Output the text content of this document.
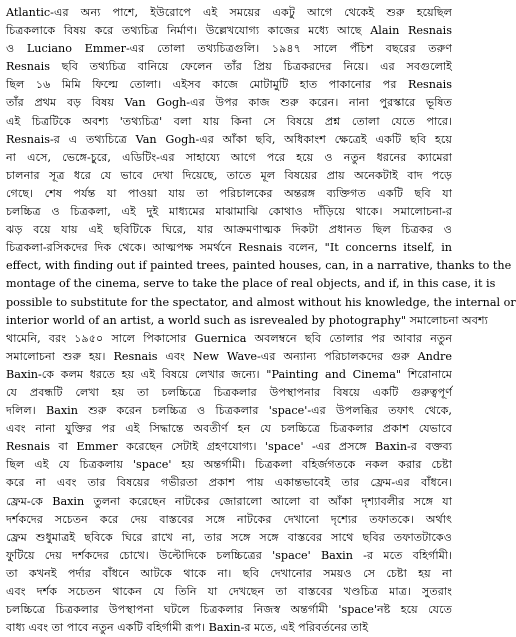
Atlantic-এর অন্য পাশে, ইউরোপে এই সময়ের একটু আগে থেকেই শুরু হয়েছিল
চিত্রকলাকে বিষয় করে তথ্যচিত্র নির্মাণ। উল্লেখযোগ্য কাজের মধ্যে আছে Alain Resnais
ও Luciano Emmer-এর তোলা তথ্যচিত্রগুলি। ১৯৪৭ সালে পঁচিশ বছরের তরুণ
Resnais ছবি তথ্যচিত্র বানিয়ে ফেলেন তাঁর প্রিয় চিত্রকরদের নিয়ে। এর সবগুলোই
ছিল ১৬ মিমি ফিল্মে তোলা। এইসব কাজে মোটামুটি হাত পাকানোর পর Resnais
তাঁর প্রথম বড় বিষয় Van Gogh-এর উপর কাজ শুরু করেন। নানা পুরস্কারে ভূষিত
এই চিত্রটিকে অবশ্য 'তথ্যচিত্র' বলা যায় কিনা সে বিষয়ে প্রশ্ন তোলা যেতে পারে।
Resnais-র এ তথ্যচিত্রে Van Gogh-এর আঁকা ছবি, অধিকাংশ ক্ষেত্রেই একটি ছবি হয়ে
না এসে, ভেঙ্গে-চুরে, এডিটিং-এর সাহায্যে আগে পরে হয়ে ও নতুন ধরনের ক্যামেরা
চালনার সূত্র ধরে যে ভাবে দেখা দিয়েছে, তাতে মূল বিষয়ের প্রায় অনেকটাই বাদ পড়ে
গেছে। শেষ পর্যন্ত যা পাওয়া যায় তা পরিচালকের অন্তরঙ্গ ব্যক্তিগত একটি ছবি যা
চলচ্চিত্র ও চিত্রকলা, এই দুই মাধ্যমের মাঝামাঝি কোথাও দাঁড়িয়ে থাকে। সমালোচনা-র
ঝড় বয়ে যায় এই ছবিটিকে ঘিরে, যার আক্রমণাত্মক দিকটা প্রধানত ছিল চিত্রকর ও
চিত্রকলা-রসিকদের দিক থেকে। আত্মপক্ষ সমর্থনে Resnais বলেন, "It concerns itself, in
effect, with finding out if painted trees, painted houses, can, in a narrative, thanks to the
montage of the cinema, serve to take the place of real objects, and if, in this case, it is
possible to substitute for the spectator, and almost without his knowledge, the internal or
interior world of an artist, a world such as isrevealed by photography" সমালোচনা অবশ্য
থামেনি, বরং ১৯৫০ সালে পিকাসোর Guernica অবলম্বনে ছবি তোলার পর আবার নতুন
সমালোচনা শুরু হয়। Resnais এবং New Wave-এর অন্যান্য পরিচালকদের গুরু Andre
Baxin-কে কলম ধরতে হয় এই বিষয়ে লেখার জন্যে। "Painting and Cinema" শিরোনামে
যে প্রবন্ধটি লেখা হয় তা চলচ্চিত্রে চিত্রকলার উপস্থাপনার বিষয়ে একটি গুরুত্বপূর্ণ
দলিল। Baxin শুরু করেন চলচ্চিত্র ও চিত্রকলার 'space'-এর উপলব্ধির তফাৎ থেকে,
এবং নানা যুক্তির পর এই সিদ্ধান্তে অবতীর্ণ হন যে চলচ্চিত্রে চিত্রকলার প্রকাশ যেভাবে
Resnais বা Emmer করেছেন সেটাই গ্রহণযোগ্য। 'space' -এর প্রসঙ্গে Baxin-র বক্তব্য
ছিল এই যে চিত্রকলায় 'space' হয় অন্তর্গামী। চিত্রকলা বহির্জগতকে নকল করার চেষ্টা
করে না এবং তার বিষয়ের গভীরতা প্রকাশ পায় একান্তভাবেই তার ফ্রেম-এর বাঁধনে।
ফ্রেম-কে Baxin তুলনা করেছেন নাটকের জোরালো আলো বা আঁকা দৃশ্যাবলীর সঙ্গে যা
দর্শকদের সচেতন করে দেয় বাস্তবের সঙ্গে নাটকের দেখানো দৃশ্যের তফাতকে। অর্থাৎ
ফ্রেম শুধুমাত্রই ছবিকে ঘিরে রাখে না, তার সঙ্গে সঙ্গে বাস্তবের সাথে ছবির তফাতটাকেও
ফুটিয়ে দেয় দর্শকদের চোখে। উল্টোদিকে চলচ্চিত্রের 'space' Baxin -র মতে বহির্গামী।
তা কখনই পর্দার বাঁধনে আটকে থাকে না। ছবি দেখানোর সময়ও সে চেষ্টা হয় না
এবং দর্শক সচেতন থাকেন যে তিনি যা দেখছেন তা বাস্তবের খণ্ডচিত্র মাত্র। সুতরাং
চলচ্চিত্রে চিত্রকলার উপস্থাপনা ঘটলে চিত্রকলার নিজস্ব অন্তর্গামী 'space'নষ্ট হয়ে যেতে
বাধ্য এবং তা পাবে নতুন একটি বহির্গামী রূপ। Baxin-র মতে, এই পরিবর্তনের তাই
